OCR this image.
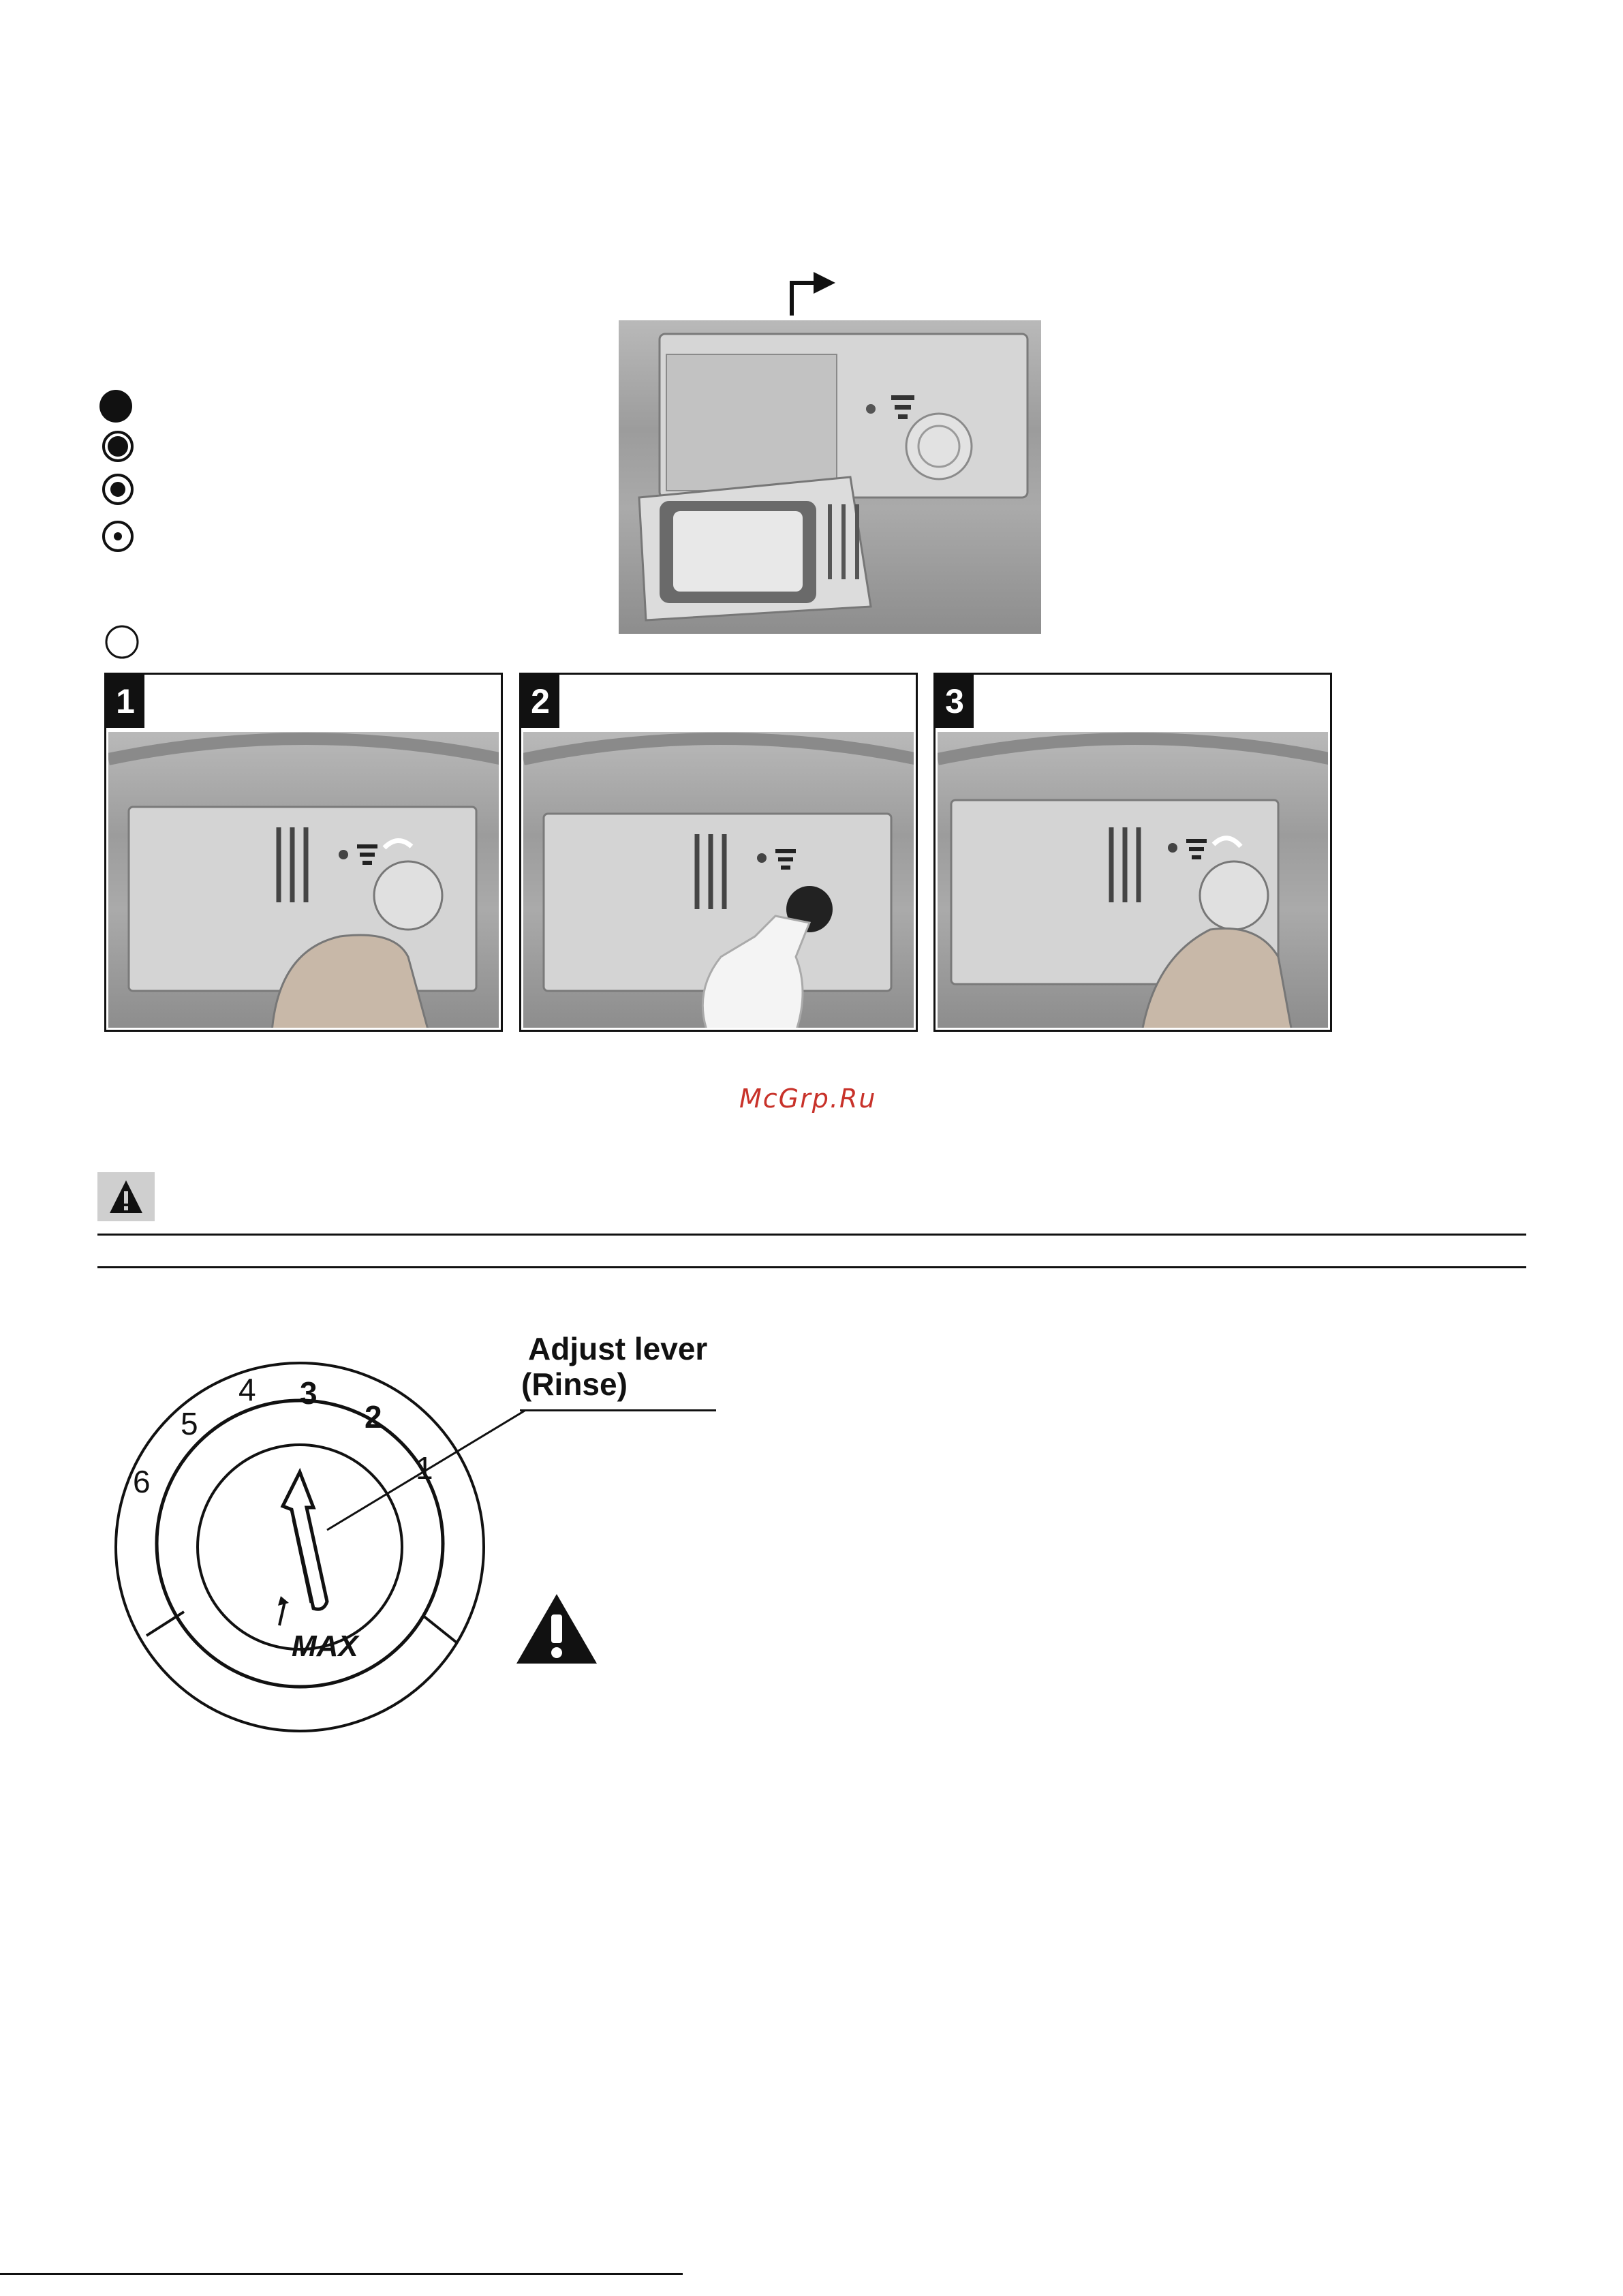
1	2	3
McGrp.Ru
MAX
1
2
3
4
5
6
Adjust lever
(Rinse)
